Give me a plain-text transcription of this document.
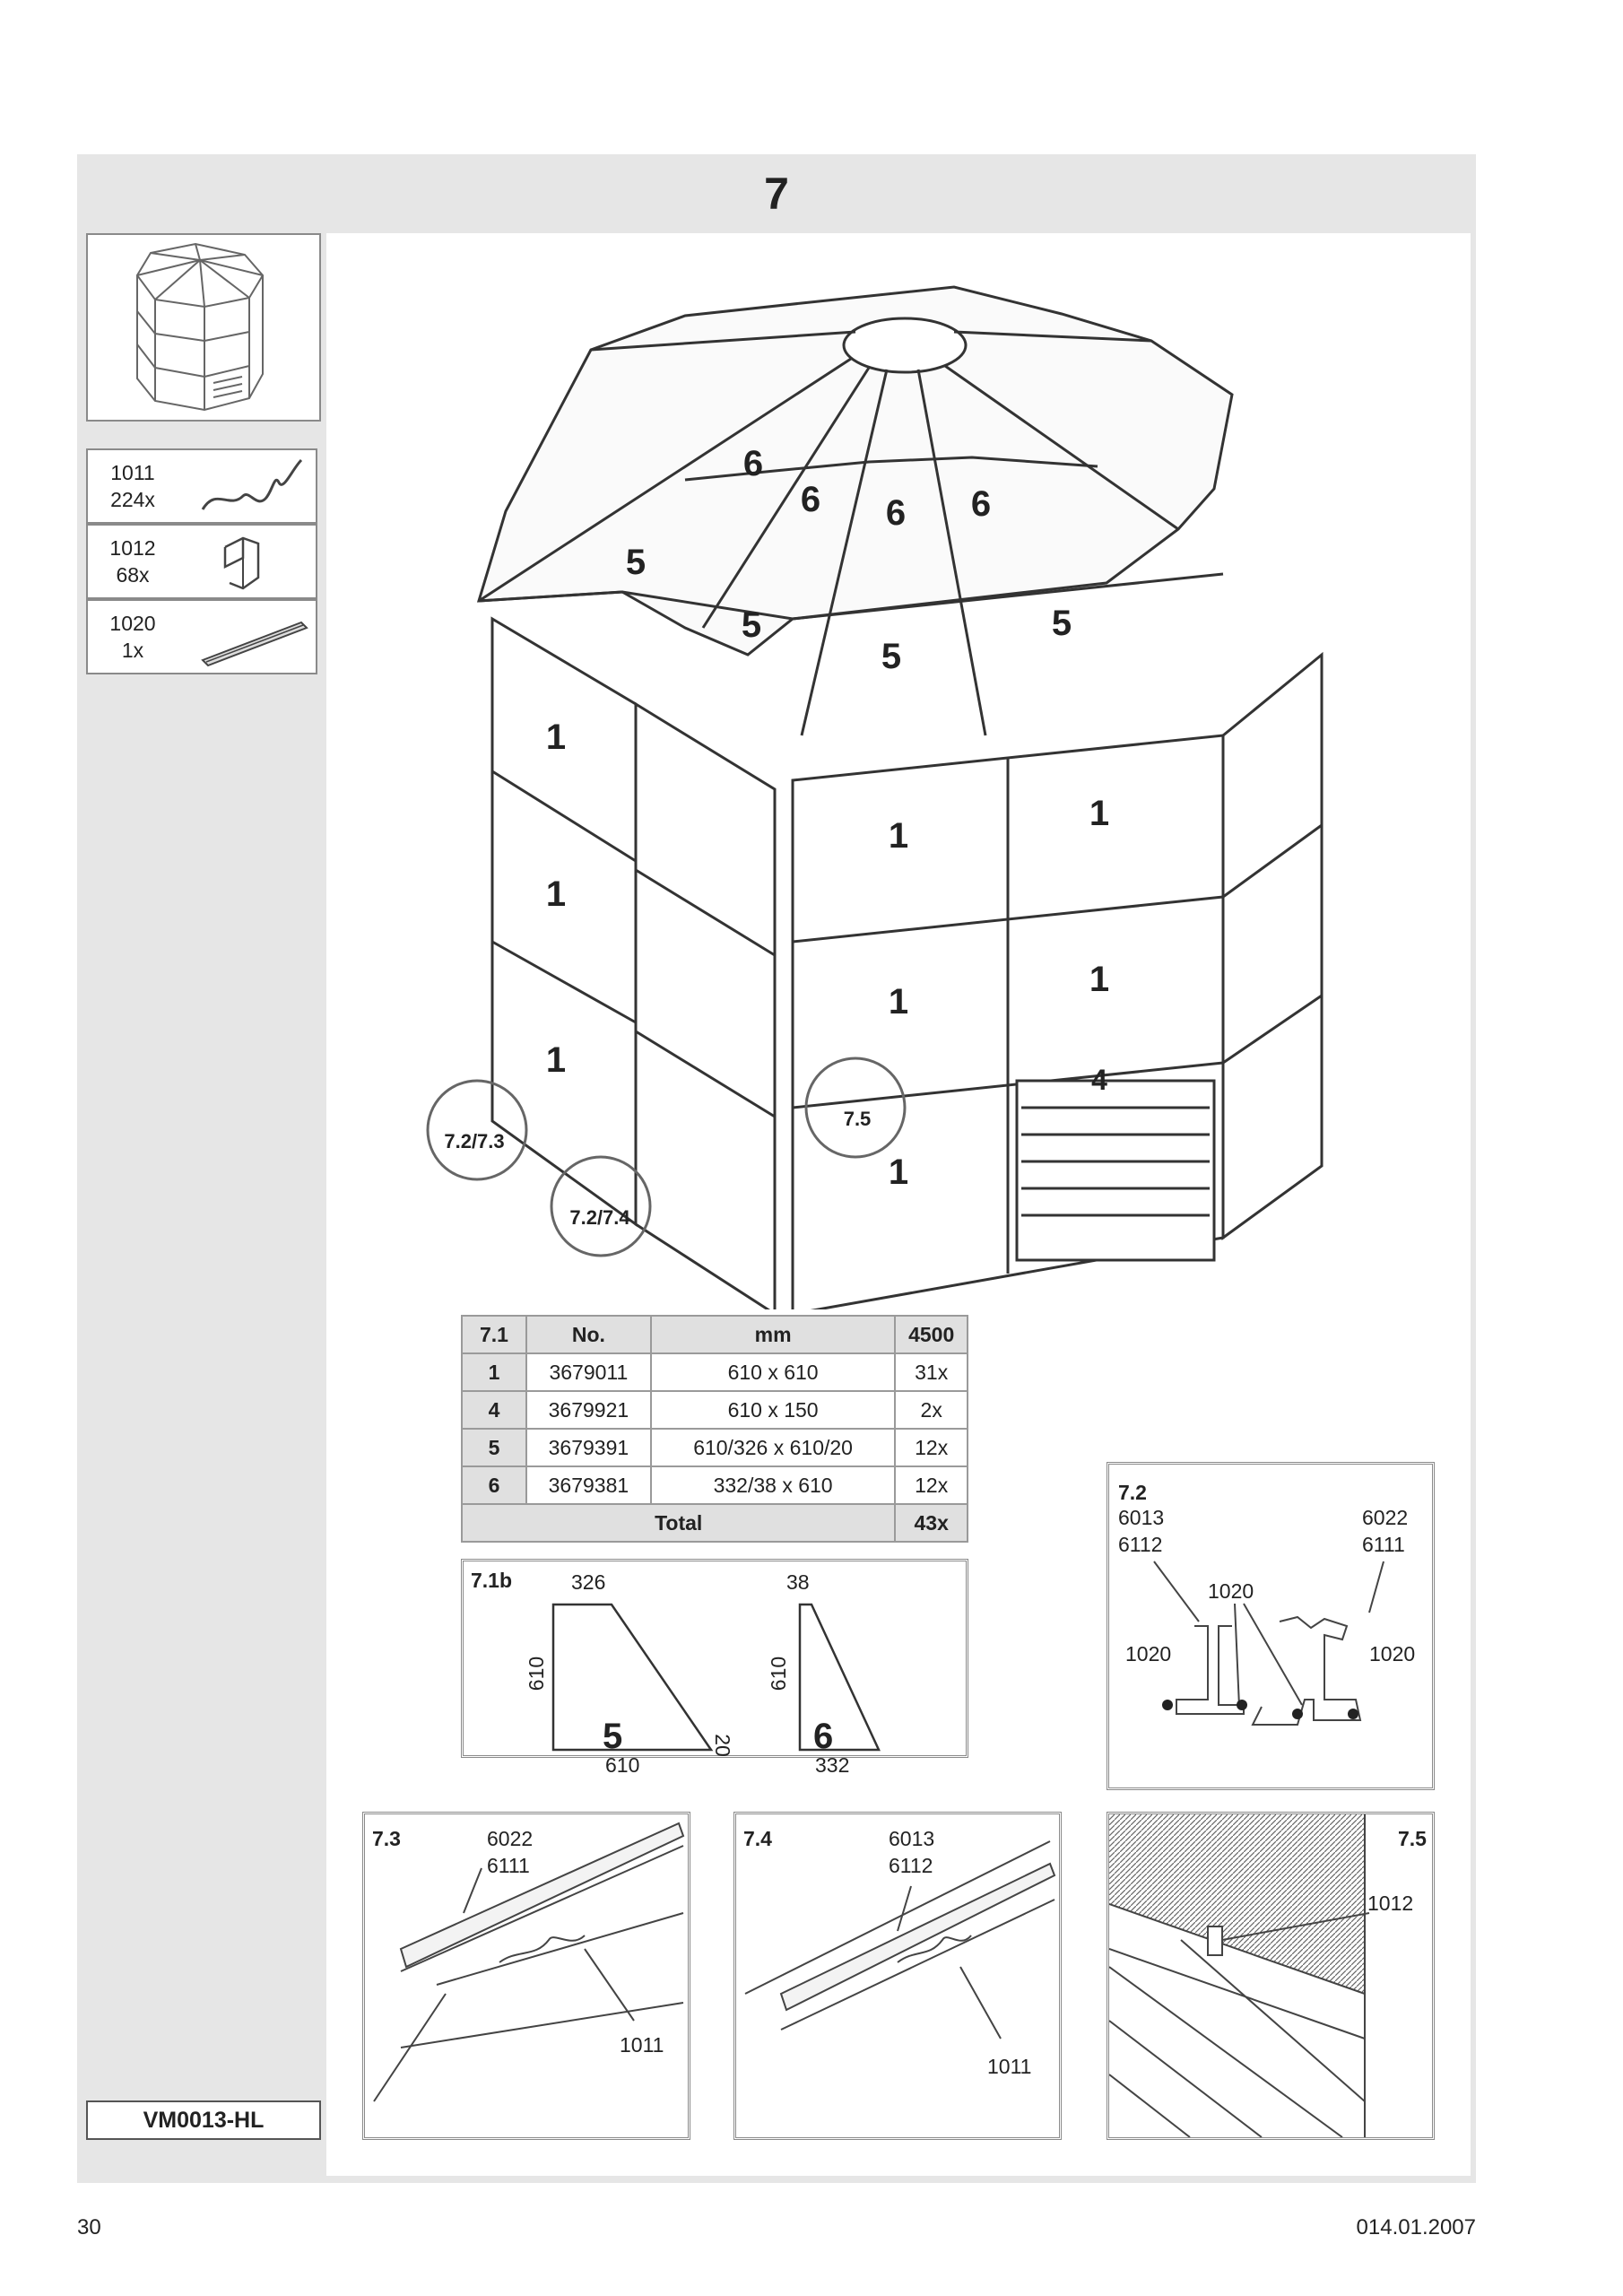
7
1011
224x
1012
68x
1020
1x
VM0013-HL
6
6 6 6
5
5
5
5
1
1
1
1
1
1
1
1
4
7.2/7.3
7.2/7.4
7.5
7.1	No.	mm	4500
1	3679011	610 x 610	31x
4	3679921	610 x 150	2x
5	3679391	610/326 x 610/20	12x
6	3679381	332/38 x 610	12x
Total			43x
7.1b	326
610
5
610
20
38
610
6
332
7.2
6013
6112
6022
6111
1020
1020	1020
7.3	6022
6111
1011
7.4	6013
6112
1011
7.5
1012
30	014.01.2007
